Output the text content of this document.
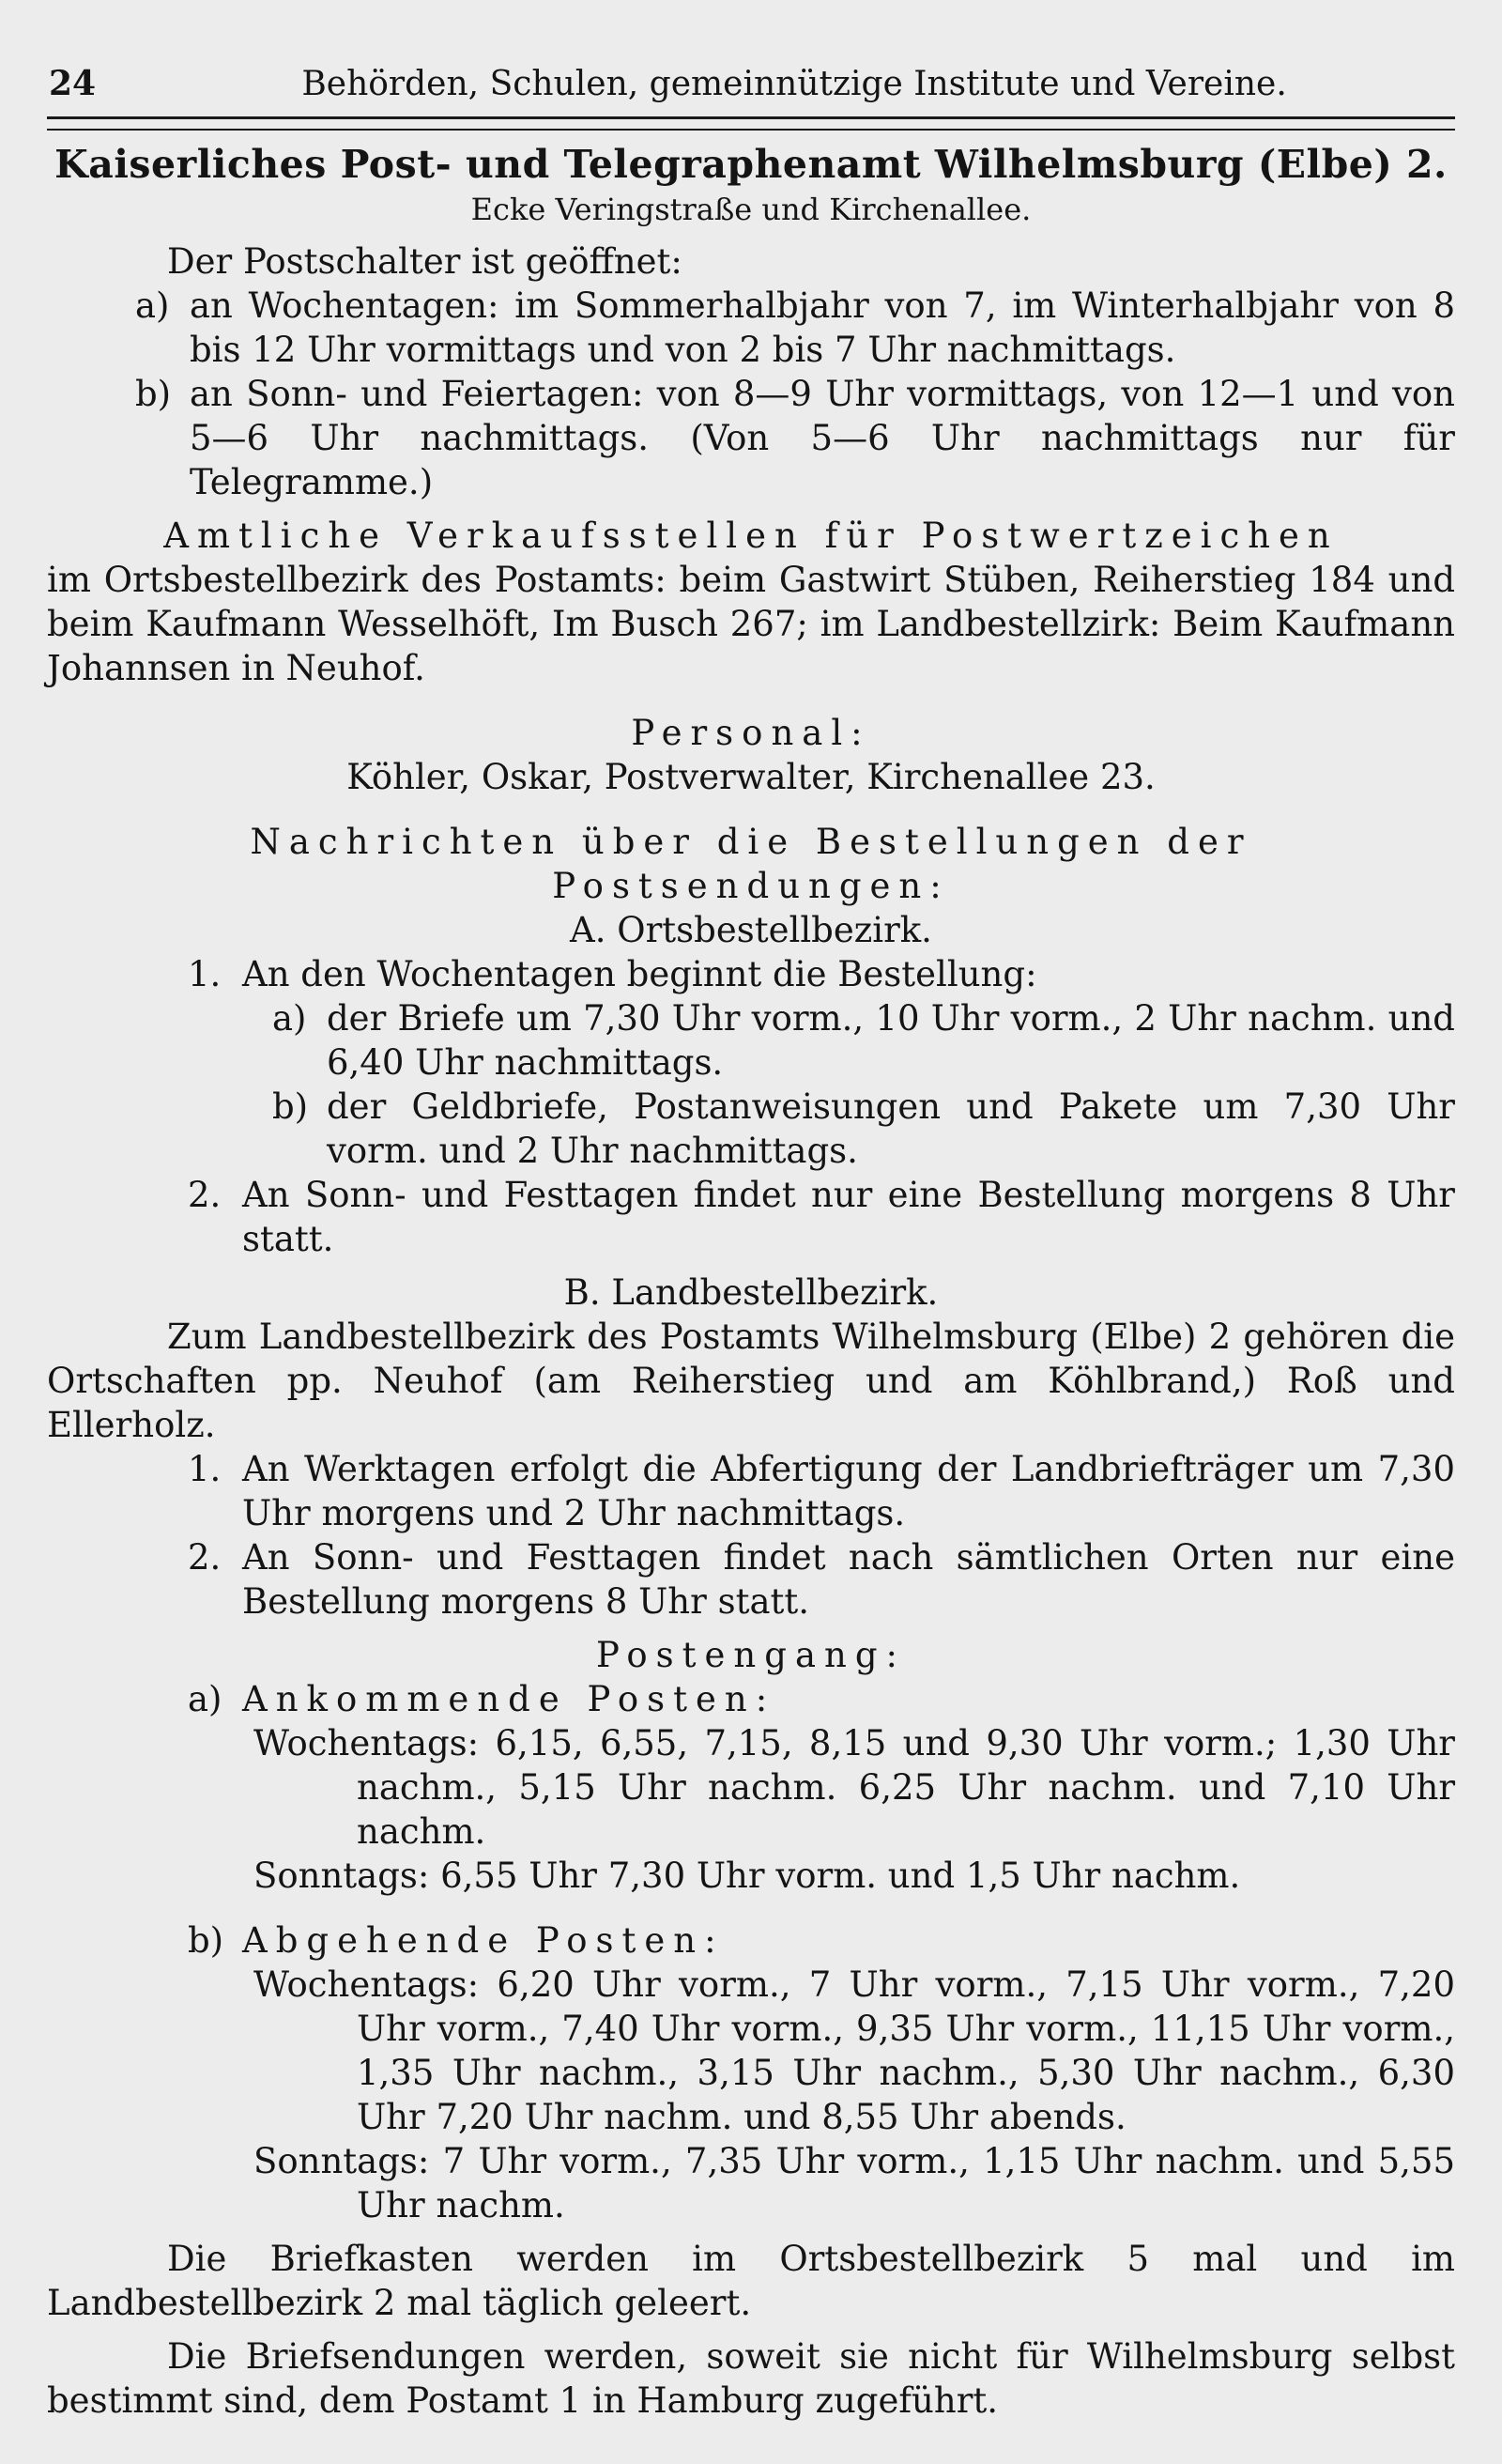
24	Behörden, Schulen, gemeinnützige Institute und Vereine.
Kaiserliches Post- und Telegraphenamt Wilhelmsburg (Elbe) 2.
Ecke Veringstraße und Kirchenallee.

Der Postschalter ist geöffnet:

a) an Wochentagen: im Sommerhalbjahr von 7, im Winterhalbjahr von 8 bis 12 Uhr vormittags und von 2 bis 7 Uhr nachmittags.
b) an Sonn- und Feiertagen: von 8—9 Uhr vormittags, von 12—1 und von 5—6 Uhr nachmittags. (Von 5—6 Uhr nachmittags nur für Telegramme.)
Amtliche Verkaufsstellen für Postwertzeichen

im Ortsbestellbezirk des Postamts: beim Gastwirt Stüben, Reiherstieg 184 und beim Kaufmann Wesselhöft, Im Busch 267; im Landbestellzirk: Beim Kaufmann Johannsen in Neuhof.

Personal:
Köhler, Oskar, Postverwalter, Kirchenallee 23.
Nachrichten über die Bestellungen der Postsendungen:
A. Ortsbestellbezirk.
1. An den Wochentagen beginnt die Bestellung:
a) der Briefe um 7,30 Uhr vorm., 10 Uhr vorm., 2 Uhr nachm. und 6,40 Uhr nachmittags.
b) der Geldbriefe, Postanweisungen und Pakete um 7,30 Uhr vorm. und 2 Uhr nachmittags.
2. An Sonn- und Festtagen findet nur eine Bestellung morgens 8 Uhr statt.
B. Landbestellbezirk.

Zum Landbestellbezirk des Postamts Wilhelmsburg (Elbe) 2 gehören die Ortschaften pp. Neuhof (am Reiherstieg und am Köhlbrand,) Roß und Ellerholz.

1. An Werktagen erfolgt die Abfertigung der Landbriefträger um 7,30 Uhr morgens und 2 Uhr nachmittags.
2. An Sonn- und Festtagen findet nach sämtlichen Orten nur eine Bestellung morgens 8 Uhr statt.
Postengang:
a) Ankommende Posten:

Wochentags: 6,15, 6,55, 7,15, 8,15 und 9,30 Uhr vorm.; 1,30 Uhr nachm., 5,15 Uhr nachm. 6,25 Uhr nachm. und 7,10 Uhr nachm.

Sonntags: 6,55 Uhr 7,30 Uhr vorm. und 1,5 Uhr nachm.

b) Abgehende Posten:

Wochentags: 6,20 Uhr vorm., 7 Uhr vorm., 7,15 Uhr vorm., 7,20 Uhr vorm., 7,40 Uhr vorm., 9,35 Uhr vorm., 11,15 Uhr vorm., 1,35 Uhr nachm., 3,15 Uhr nachm., 5,30 Uhr nachm., 6,30 Uhr 7,20 Uhr nachm. und 8,55 Uhr abends.

Sonntags: 7 Uhr vorm., 7,35 Uhr vorm., 1,15 Uhr nachm. und 5,55 Uhr nachm.

Die Briefkasten werden im Ortsbestellbezirk 5 mal und im Landbestellbezirk 2 mal täglich geleert.

Die Briefsendungen werden, soweit sie nicht für Wilhelmsburg selbst bestimmt sind, dem Postamt 1 in Hamburg zugeführt.
